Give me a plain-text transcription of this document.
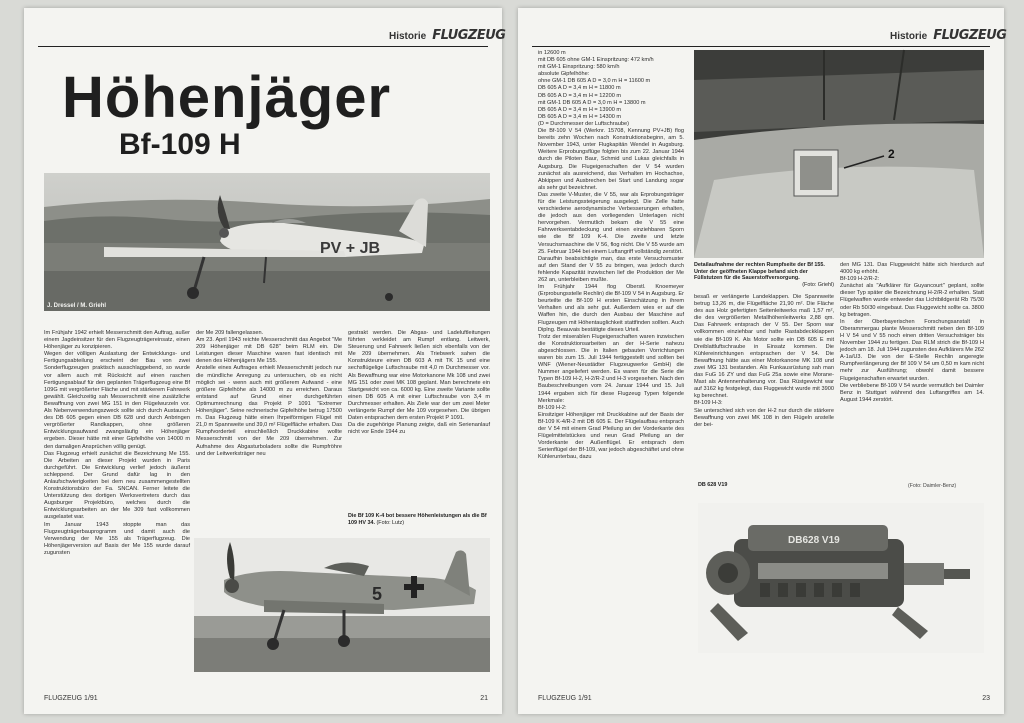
Historie FLUGZEUG
Höhenjäger
Bf-109 H
PV + JB
J. Dressel / M. Griehl
Im Frühjahr 1942 erhielt Messerschmitt den Auftrag, außer einem Jagdeinsitzer für den Flugzeugträgereinsatz, einen Höhenjäger zu konzipieren.
Wegen der völligen Auslastung der Entwicklungs- und Fertigungsabteilung erscheint der Bau von zwei Sonderflugzeugen praktisch ausschlaggebend, so wurde vor allem auch mit Rücksicht auf einen raschen Fertigungsablauf für den geplanten Trägerflugzeug eine Bf 109G mit vergrößerter Fläche und mit stärkerem Fahrwerk gewählt. Gleichzeitig sah Messerschmitt eine zusätzliche Bewaffnung von zwei MG 151 in den Flügelwurzeln vor. Als Nebenverwendungszweck sollte sich durch Austausch des DB 605 gegen einen DB 628 und durch Anbringen vergrößerter Randkappen, ohne größeren Entwicklungsaufwand zwangsläufig ein Höhenjäger ergeben. Dieser hätte mit einer Gipfelhöhe von 14000 m den damaligen Ansprüchen völlig genügt.
Das Flugzeug erhielt zunächst die Bezeichnung Me 155. Die Arbeiten an dieser Projekt wurden in Paris durchgeführt. Die Entwicklung verlief jedoch äußerst schleppend. Der Grund dafür lag in den Anlaufschwierigkeiten bei dem neu zusammengestellten Konstruktionsbüro der Fa. SNCAN. Ferner leitete die Unterstützung des dortigen Werksvertreters durch das Augsburger Projektbüro, welches durch die Entwicklungsarbeiten an der Me 309 fast vollkommen ausgelastet war.
Im Januar 1943 stoppte man das Flugzeugträgerbauprogramm und damit auch die Verwendung der Me 155 als Trägerflugzeug. Die Höhenjägerversion auf Basis der Me 155 wurde darauf zugunsten
der Me 209 fallengelassen.
Am 23. April 1943 reichte Messerschmitt das Angebot "Me 209 Höhenjäger mit DB 628" beim RLM ein. Die Leistungen dieser Maschine waren fast identisch mit denen des Höhenjägers Me 155.
Anstelle eines Auftrages erhielt Messerschmitt jedoch nur die mündliche Anregung zu untersuchen, ob es nicht möglich sei - wenn auch mit größerem Aufwand - eine größere Gipfelhöhe als 14000 m zu erreichen. Daraus entstand auf Grund einer durchgeführten Optimumrechnung das Projekt P 1091 "Extremer Höhenjäger". Seine rechnerische Gipfelhöhe betrug 17500 m. Das Flugzeug hätte einen Ihrpeiförmigen Flügel mit 21,0 m Spannweite und 39,0 m² Flügelfläche erhalten. Das Rumpfvorderteil einschließlich Druckkabine wollte Messerschmitt von der Me 209 übernehmen. Zur Aufnahme des Abgasturboladers sollte die Rumpfröhre und der Leitwerksträger neu
gestrakt werden. Die Abgas- und Ladeluftleitungen führten verkleidet am Rumpf entlang. Leitwerk, Steuerung und Fahrwerk ließen sich ebenfalls von der Me 209 übernehmen. Als Triebwerk sahen die Konstrukteure einen DB 603 A mit TK 15 und eine sechsflügelige Luftschraube mit 4,0 m Durchmesser vor. Als Bewaffnung war eine Motorkanone Mk 108 und zwei MG 151 oder zwei MK 108 geplant. Man berechnete ein Startgewicht von ca. 6000 kg. Eine zweite Variante sollte einen DB 605 A mit einer Luftschraube von 3,4 m Durchmesser erhalten. Als Ziele war der um zwei Meter verlängerte Rumpf der Me 109 vorgesehen. Die übrigen Daten entsprachen dem ersten Projekt P 1091.
Da die zugehörige Planung zeigte, daß ein Serienanlauf nicht vor Ende 1944 zu
Die Bf 109 K-4 bot bessere Höhenleistungen als die Bf 109 HV 34. (Foto: Lutz)
5
FLUGZEUG 1/91	21
Historie FLUGZEUG
in 12600 m
mit DB 605 ohne GM-1 Einspritzung: 472 km/h
mit GM-1 Einspritzung: 580 km/h
absolute Gipfelhöhe:
ohne GM-1 DB 605 A D = 3,0 m H = 11600 m
DB 605 A D = 3,4 m H = 11800 m
DB 605 A D = 3,4 m H = 12200 m
mit GM-1 DB 605 A D = 3,0 m H = 13800 m
DB 605 A D = 3,4 m H = 13900 m
DB 605 A D = 3,4 m H = 14300 m
(D = Durchmesser der Luftschraube)
Die Bf-109 V 54 (Werknr. 15708, Kennung PV+JB) flog bereits zehn Wochen nach Konstruktionsbeginn, am 5. November 1943, unter Flugkapitän Wendel in Augsburg. Weitere Erprobungsflüge folgten bis zum 22. Januar 1944 durch die Piloten Baur, Schmid und Lukas gleichfalls in Augsburg. Die Flugeigenschaften der V 54 wurden zunächst als ausreichend, das Verhalten im Hochachse, Abkippen und Ausbrechen bei Start und Landung sogar als sehr gut bezeichnet.
Das zweite V-Muster, die V 55, war als Erprobungsträger für die Leistungssteigerung ausgelegt. Die Zelle hatte verschiedene aerodynamische Verbesserungen erhalten, die jedoch aus den vorliegenden Unterlagen nicht hervorgehen. Vermutlich bekam die V 55 eine Fahrwerksentabdeckung und einen einziehbaren Sporn wie die Bf 109 K-4. Die zweite und letzte Versuchsmaschine die V 56, flog nicht. Die V 55 wurde am 25. Februar 1944 bei einem Luftangriff vollständig zerstört.
Daraufhin beabsichtigte man, das erste Versuchsmuster auf den Stand der V 55 zu bringen, was jedoch durch fehlende Kapazität inzwischen lief die Produktion der Me 262 an, unterbleiben mußte.
Im Frühjahr 1944 flog Oberstl. Knoemeyer (Erprobungsstelle Rechlin) die Bf-109 V 54 in Augsburg. Er beurteilte die Bf-109 H ersten Einschätzung in ihrem Verhalten und als sehr gut. Außerdem wies er auf die Waffen hin, die durch den Ausbau der Maschine auf Flugzeugen mit Höhentauglichkeit stattfinden sollten. Auch Diplng. Beauvais bestätigte dieses Urteil.
Trotz der miserablen Flugeigenschaften waren inzwischen die Konstruktionsarbeiten an der H-Serie nahezu abgeschlossen. Die in Italien gebauten Vorrichtungen waren bis zum 15. Juli 1944 fertiggestellt und sollten bei WNF (Wiener-Neustädter Flugzeugwerke GmbH) die Nummer angeliefert werden. Es waren für die Serie die Typen Bf-109 H-2, H-2/R-2 und H-3 vorgesehen. Nach den Baubeschreibungen vom 24. Januar 1944 und 15. Juli 1944 ergaben sich für diese Flugzeug Typen folgende Merkmale:
Bf-109 H-2:
Einsitziger Höhenjäger mit Druckkabine auf der Basis der Bf-109 K-4/R-2 mit DB 605 E. Der Flügelaufbau entsprach der V 54 mit einem Grad Pfeilung an der Vorderkante des Flügelmittelstückes und neun Grad Pfeilung an der Vorderkante der Außenflügel. Er entsprach dem Serienflügel der Bf-109, war jedoch abgeschäftet und ohne Kühlerunterbau, dazu
2
Detailaufnahme der rechten Rumpfseite der Bf 155. Unter der geöffneten Klappe befand sich der Füllstutzen für die Sauerstoffversorgung.
(Foto: Griehl)
besaß er verlängerte Landeklappen. Die Spannweite betrug 13,26 m, die Flügelfläche 21,90 m². Die Fläche des aus Holz gefertigten Seitenleitwerks maß 1,57 m², die des vergrößerten Metallhöhenleitwerks 2,88 qm. Das Fahrwerk entsprach der V 55. Der Sporn war vollkommen einziehbar und hatte Rastabdeckklappen wie die Bf-109 K. Als Motor sollte ein DB 605 E mit Dreiblattluftschraube in Einsatz kommen. Die Kühlereinrichtungen entsprachen der V 54. Die Bewaffnung hätte aus einer Motorkanone MK 108 und zwei MG 131 bestanden. Als Funkausrüstung sah man das FuG 16 ZY und das FuG 25a sowie eine Morane-Mast als Antennenhalterung vor. Das Rüstgewicht war auf 3162 kg festgelegt, das Fluggewicht wurde mit 3900 kg berechnet.
Bf-109 H-3:
Sie unterschied sich von der H-2 nur durch die stärkere Bewaffnung von zwei MK 108 in den Flügeln anstelle der bei-
den MG 131. Das Fluggewicht hätte sich hierdurch auf 4000 kg erhöht.
Bf-109 H-2/R-2:
Zunächst als "Aufklärer für Guyancourt" geplant, sollte dieser Typ später die Bezeichnung H-2/R-2 erhalten. Statt Flügelwaffen wurde entweder das Lichtbildgerät Rb 75/30 oder Rb 50/30 eingebaut. Das Fluggewicht sollte ca. 3800 kg betragen.
In der Oberbayerischen Forschungsanstalt in Oberammergau plante Messerschmitt neben den Bf-109 H V 54 und V 55 noch einen dritten Versuchsträger bis November 1944 zu fertigen. Das RLM strich die Bf-109 H jedoch am 18. Juli 1944 zugunsten des Aufklärers Me 262 A-1a/U3. Die von der E-Stelle Rechlin angeregte Rumpfverlängerung der Bf 109 V 54 um 0,50 m kam nicht mehr zur Ausführung; obwohl damit bessere Flugeigenschaften erwartet wurden.
Die verbliebene Bf-109 V 54 wurde vermutlich bei Daimler Benz in Stuttgart während des Luftangriffes am 14. August 1944 zerstört.
DB 628 V19	(Foto: Daimler-Benz)
DB628 V19
FLUGZEUG 1/91	23
